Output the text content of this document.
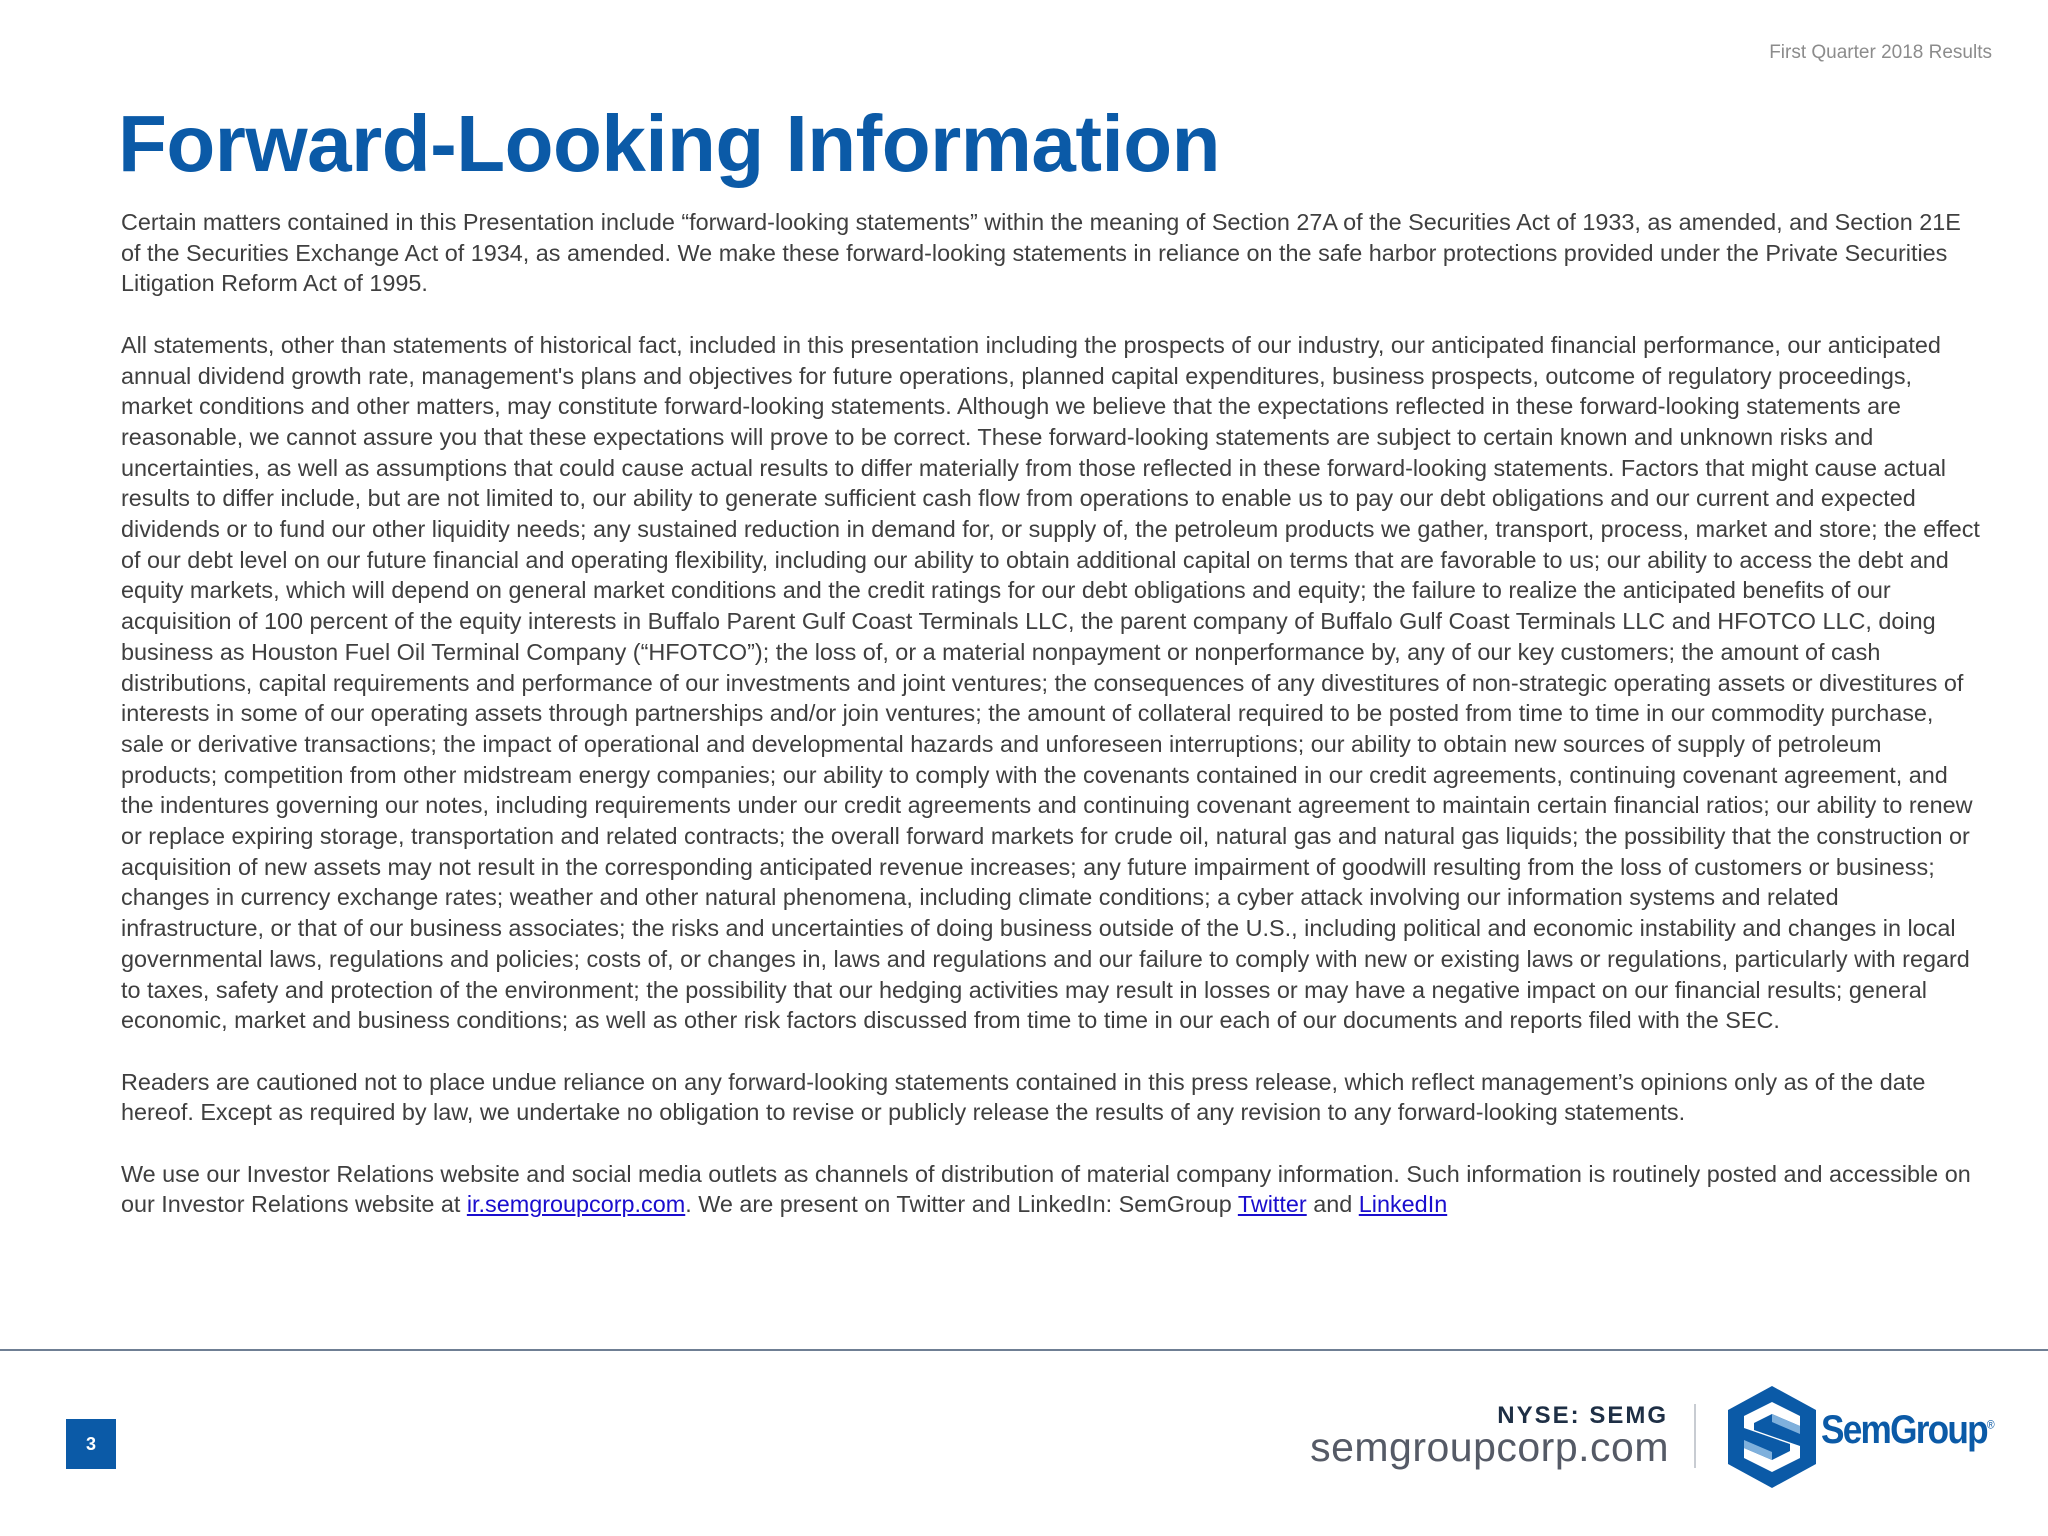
First Quarter 2018 Results
Forward-Looking Information

Certain matters contained in this Presentation include “forward-looking statements” within the meaning of Section 27A of the Securities Act of 1933, as amended, and Section 21E of the Securities Exchange Act of 1934, as amended. We make these forward-looking statements in reliance on the safe harbor protections provided under the Private Securities Litigation Reform Act of 1995.

All statements, other than statements of historical fact, included in this presentation including the prospects of our industry, our anticipated financial performance, our anticipated annual dividend growth rate, management's plans and objectives for future operations, planned capital expenditures, business prospects, outcome of regulatory proceedings, market conditions and other matters, may constitute forward-looking statements. Although we believe that the expectations reflected in these forward-looking statements are reasonable, we cannot assure you that these expectations will prove to be correct. These forward-looking statements are subject to certain known and unknown risks and uncertainties, as well as assumptions that could cause actual results to differ materially from those reflected in these forward-looking statements. Factors that might cause actual results to differ include, but are not limited to, our ability to generate sufficient cash flow from operations to enable us to pay our debt obligations and our current and expected dividends or to fund our other liquidity needs; any sustained reduction in demand for, or supply of, the petroleum products we gather, transport, process, market and store; the effect of our debt level on our future financial and operating flexibility, including our ability to obtain additional capital on terms that are favorable to us; our ability to access the debt and equity markets, which will depend on general market conditions and the credit ratings for our debt obligations and equity; the failure to realize the anticipated benefits of our acquisition of 100 percent of the equity interests in Buffalo Parent Gulf Coast Terminals LLC, the parent company of Buffalo Gulf Coast Terminals LLC and HFOTCO LLC, doing business as Houston Fuel Oil Terminal Company (“HFOTCO”); the loss of, or a material nonpayment or nonperformance by, any of our key customers; the amount of cash distributions, capital requirements and performance of our investments and joint ventures; the consequences of any divestitures of non-strategic operating assets or divestitures of interests in some of our operating assets through partnerships and/or join ventures; the amount of collateral required to be posted from time to time in our commodity purchase, sale or derivative transactions; the impact of operational and developmental hazards and unforeseen interruptions; our ability to obtain new sources of supply of petroleum products; competition from other midstream energy companies; our ability to comply with the covenants contained in our credit agreements, continuing covenant agreement, and the indentures governing our notes, including requirements under our credit agreements and continuing covenant agreement to maintain certain financial ratios; our ability to renew or replace expiring storage, transportation and related contracts; the overall forward markets for crude oil, natural gas and natural gas liquids; the possibility that the construction or acquisition of new assets may not result in the corresponding anticipated revenue increases; any future impairment of goodwill resulting from the loss of customers or business; changes in currency exchange rates; weather and other natural phenomena, including climate conditions; a cyber attack involving our information systems and related infrastructure, or that of our business associates; the risks and uncertainties of doing business outside of the U.S., including political and economic instability and changes in local governmental laws, regulations and policies; costs of, or changes in, laws and regulations and our failure to comply with new or existing laws or regulations, particularly with regard to taxes, safety and protection of the environment; the possibility that our hedging activities may result in losses or may have a negative impact on our financial results; general economic, market and business conditions; as well as other risk factors discussed from time to time in our each of our documents and reports filed with the SEC.

Readers are cautioned not to place undue reliance on any forward-looking statements contained in this press release, which reflect management’s opinions only as of the date hereof. Except as required by law, we undertake no obligation to revise or publicly release the results of any revision to any forward-looking statements.

We use our Investor Relations website and social media outlets as channels of distribution of material company information. Such information is routinely posted and accessible on our Investor Relations website at ir.semgroupcorp.com. We are present on Twitter and LinkedIn: SemGroup Twitter and LinkedIn

3
NYSE: SEMG
semgroupcorp.com	SemGroup®
